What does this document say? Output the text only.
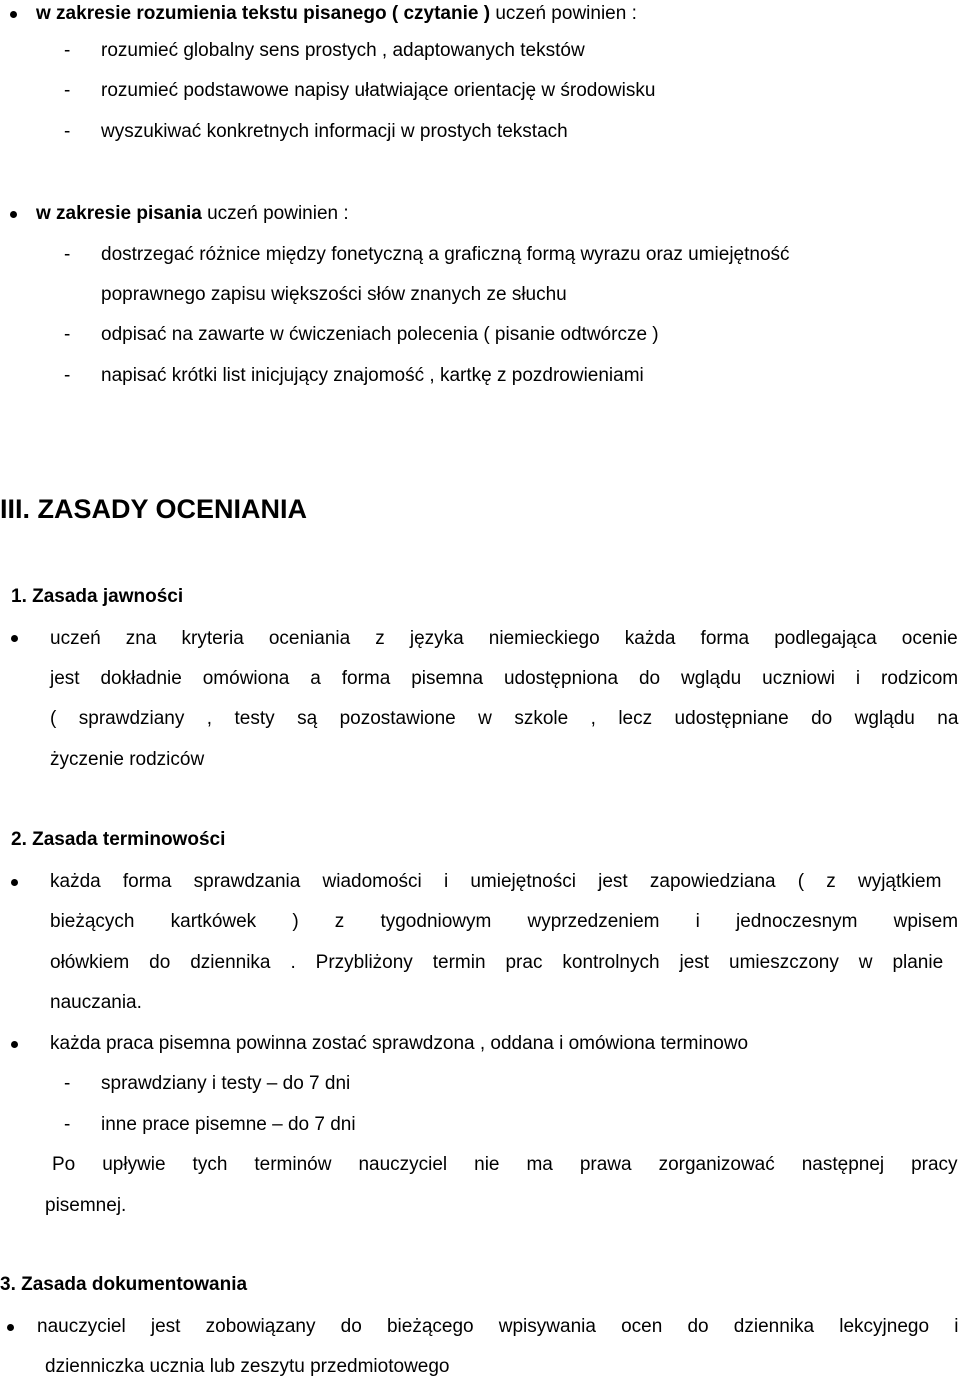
w zakresie rozumienia tekstu pisanego ( czytanie ) uczeń powinien :
- rozumieć globalny sens prostych , adaptowanych tekstów
- rozumieć podstawowe napisy ułatwiające orientację w środowisku
- wyszukiwać konkretnych informacji w prostych tekstach
w zakresie pisania uczeń powinien :
- dostrzegać różnice między fonetyczną a graficzną formą wyrazu oraz umiejętność
poprawnego zapisu większości słów znanych ze słuchu
- odpisać na zawarte w ćwiczeniach polecenia ( pisanie odtwórcze )
- napisać krótki list inicjujący znajomość , kartkę z pozdrowieniami
III. ZASADY OCENIANIA
1. Zasada jawności
uczeń zna kryteria oceniania z języka niemieckiego każda forma podlegająca ocenie
jest dokładnie omówiona a forma pisemna udostępniona do wglądu uczniowi i rodzicom
( sprawdziany , testy są pozostawione w szkole , lecz udostępniane do wglądu na
życzenie rodziców
2. Zasada terminowości
każda forma sprawdzania wiadomości i umiejętności jest zapowiedziana ( z wyjątkiem
bieżących kartkówek ) z tygodniowym wyprzedzeniem i jednoczesnym wpisem
ołówkiem do dziennika . Przybliżony termin prac kontrolnych jest umieszczony w planie
nauczania.
każda praca pisemna powinna zostać sprawdzona , oddana i omówiona terminowo
- sprawdziany i testy – do 7 dni
- inne prace pisemne – do 7 dni
Po upływie tych terminów nauczyciel nie ma prawa zorganizować następnej pracy
pisemnej.
3. Zasada dokumentowania
nauczyciel jest zobowiązany do bieżącego wpisywania ocen do dziennika lekcyjnego i
dzienniczka ucznia lub zeszytu przedmiotowego
